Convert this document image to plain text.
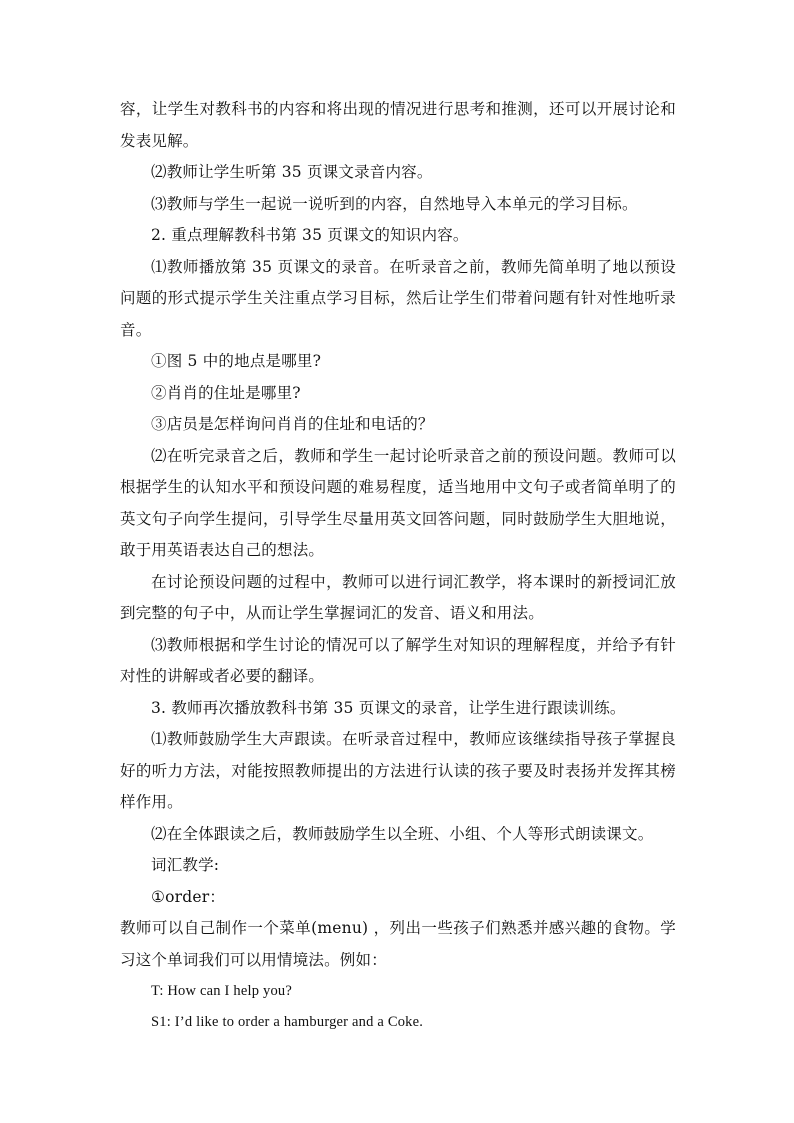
容，让学生对教科书的内容和将出现的情况进行思考和推测，还可以开展讨论和发表见解。

⑵教师让学生听第 35 页课文录音内容。

⑶教师与学生一起说一说听到的内容，自然地导入本单元的学习目标。

2. 重点理解教科书第 35 页课文的知识内容。

⑴教师播放第 35 页课文的录音。在听录音之前，教师先简单明了地以预设问题的形式提示学生关注重点学习目标，然后让学生们带着问题有针对性地听录音。

①图 5 中的地点是哪里?

②肖肖的住址是哪里?

③店员是怎样询问肖肖的住址和电话的？

⑵在听完录音之后，教师和学生一起讨论听录音之前的预设问题。教师可以根据学生的认知水平和预设问题的难易程度，适当地用中文句子或者简单明了的英文句子向学生提问，引导学生尽量用英文回答问题，同时鼓励学生大胆地说，敢于用英语表达自己的想法。

在讨论预设问题的过程中，教师可以进行词汇教学，将本课时的新授词汇放到完整的句子中，从而让学生掌握词汇的发音、语义和用法。

⑶教师根据和学生讨论的情况可以了解学生对知识的理解程度，并给予有针对性的讲解或者必要的翻译。

3. 教师再次播放教科书第 35 页课文的录音，让学生进行跟读训练。

⑴教师鼓励学生大声跟读。在听录音过程中，教师应该继续指导孩子掌握良好的听力方法，对能按照教师提出的方法进行认读的孩子要及时表扬并发挥其榜样作用。

⑵在全体跟读之后，教师鼓励学生以全班、小组、个人等形式朗读课文。

词汇教学:

①order：

教师可以自己制作一个菜单(menu) ，列出一些孩子们熟悉并感兴趣的食物。学习这个单词我们可以用情境法。例如：

T: How can I help you?

S1: I’d like to order a hamburger and a Coke.
